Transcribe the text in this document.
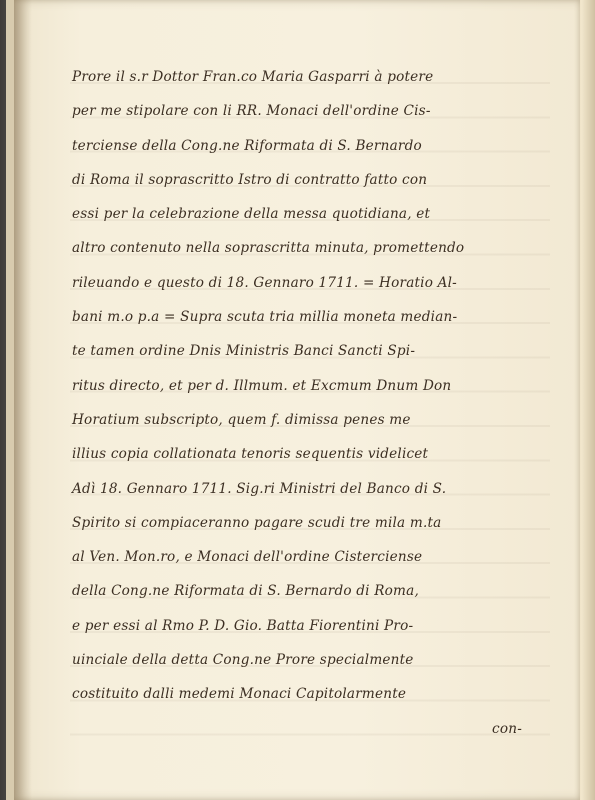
Prore il s.r Dottor Fran.co Maria Gasparri à potere
per me stipolare con li RR. Monaci dell'ordine Cis-
terciense della Cong.ne Riformata di S. Bernardo
di Roma il soprascritto Istro di contratto fatto con
essi per la celebrazione della messa quotidiana, et
altro contenuto nella soprascritta minuta, promettendo
rileuando e questo di 18. Gennaro 1711. = Horatio Al-
bani m.o p.a = Supra scuta tria millia moneta median-
te tamen ordine Dnis Ministris Banci Sancti Spi-
ritus directo, et per d. Illmum. et Excmum Dnum Don
Horatium subscripto, quem f. dimissa penes me
illius copia collationata tenoris sequentis videlicet
Adì 18. Gennaro 1711. Sig.ri Ministri del Banco di S.
Spirito si compiaceranno pagare scudi tre mila m.ta
al Ven. Mon.ro, e Monaci dell'ordine Cisterciense
della Cong.ne Riformata di S. Bernardo di Roma,
e per essi al Rmo P. D. Gio. Batta Fiorentini Pro-
uinciale della detta Cong.ne Prore specialmente
costituito dalli medemi Monaci Capitolarmente
con-
